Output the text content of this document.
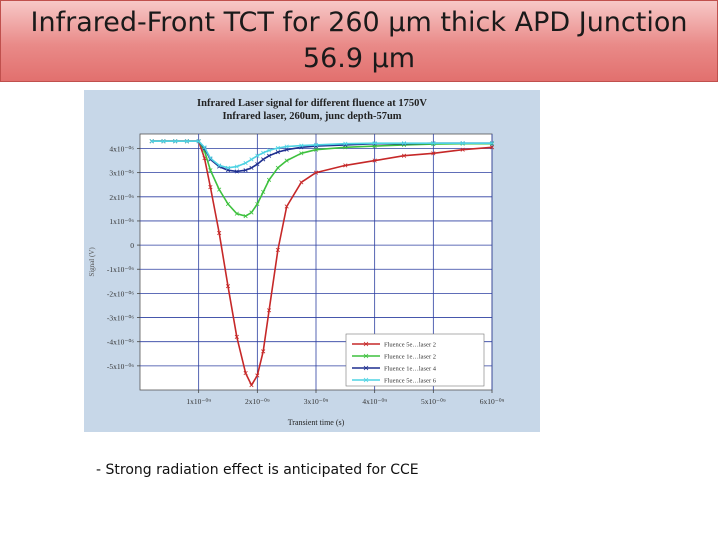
Infrared-Front TCT for 260 µm thick APD Junction
56.9 µm
4x10⁻⁰⁶
3x10⁻⁰⁶
2x10⁻⁰⁶
1x10⁻⁰⁶
0
-1x10⁻⁰⁶
-2x10⁻⁰⁶
-3x10⁻⁰⁶
-4x10⁻⁰⁶
-5x10⁻⁰⁶
1x10⁻⁰⁹	2x10⁻⁰⁹	3x10⁻⁰⁹	4x10⁻⁰⁹	5x10⁻⁰⁹	6x10⁻⁰⁹
Infrared Laser signal for different fluence at 1750V
Infrared laser, 260um, junc depth-57um
Transient time (s)
Signal (V)
Fluence 5e…laser 2
Fluence 1e…laser 2
Fluence 1e…laser 4
Fluence 5e…laser 6
- Strong radiation effect is anticipated for CCE
